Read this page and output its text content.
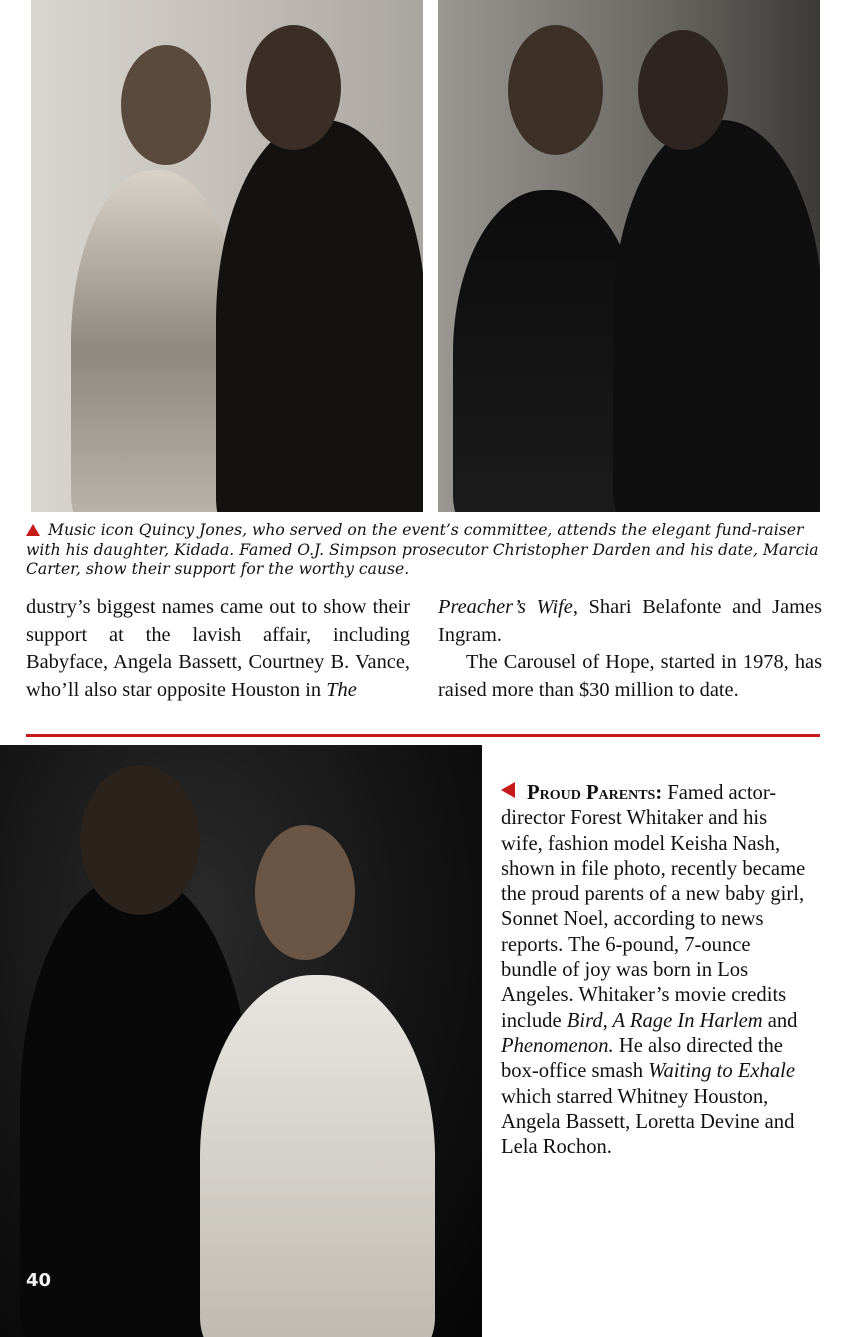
Music icon Quincy Jones, who served on the event’s committee, attends the elegant fund-raiser with his daughter, Kidada. Famed O.J. Simpson prosecutor Christopher Darden and his date, Marcia Carter, show their support for the worthy cause.

dustry’s biggest names came out to show their support at the lavish affair, including Babyface, Angela Bassett, Courtney B. Vance, who’ll also star opposite Houston in The

Preacher’s Wife, Shari Belafonte and James Ingram.

The Carousel of Hope, started in 1978, has raised more than $30 million to date.

Proud Parents: Famed actor-director Forest Whitaker and his wife, fashion model Keisha Nash, shown in file photo, recently became the proud parents of a new baby girl, Sonnet Noel, according to news reports. The 6-pound, 7-ounce bundle of joy was born in Los Angeles. Whitaker’s movie credits include Bird, A Rage In Harlem and Phenomenon. He also directed the box-office smash Waiting to Exhale which starred Whitney Houston, Angela Bassett, Loretta Devine and Lela Rochon.
40
